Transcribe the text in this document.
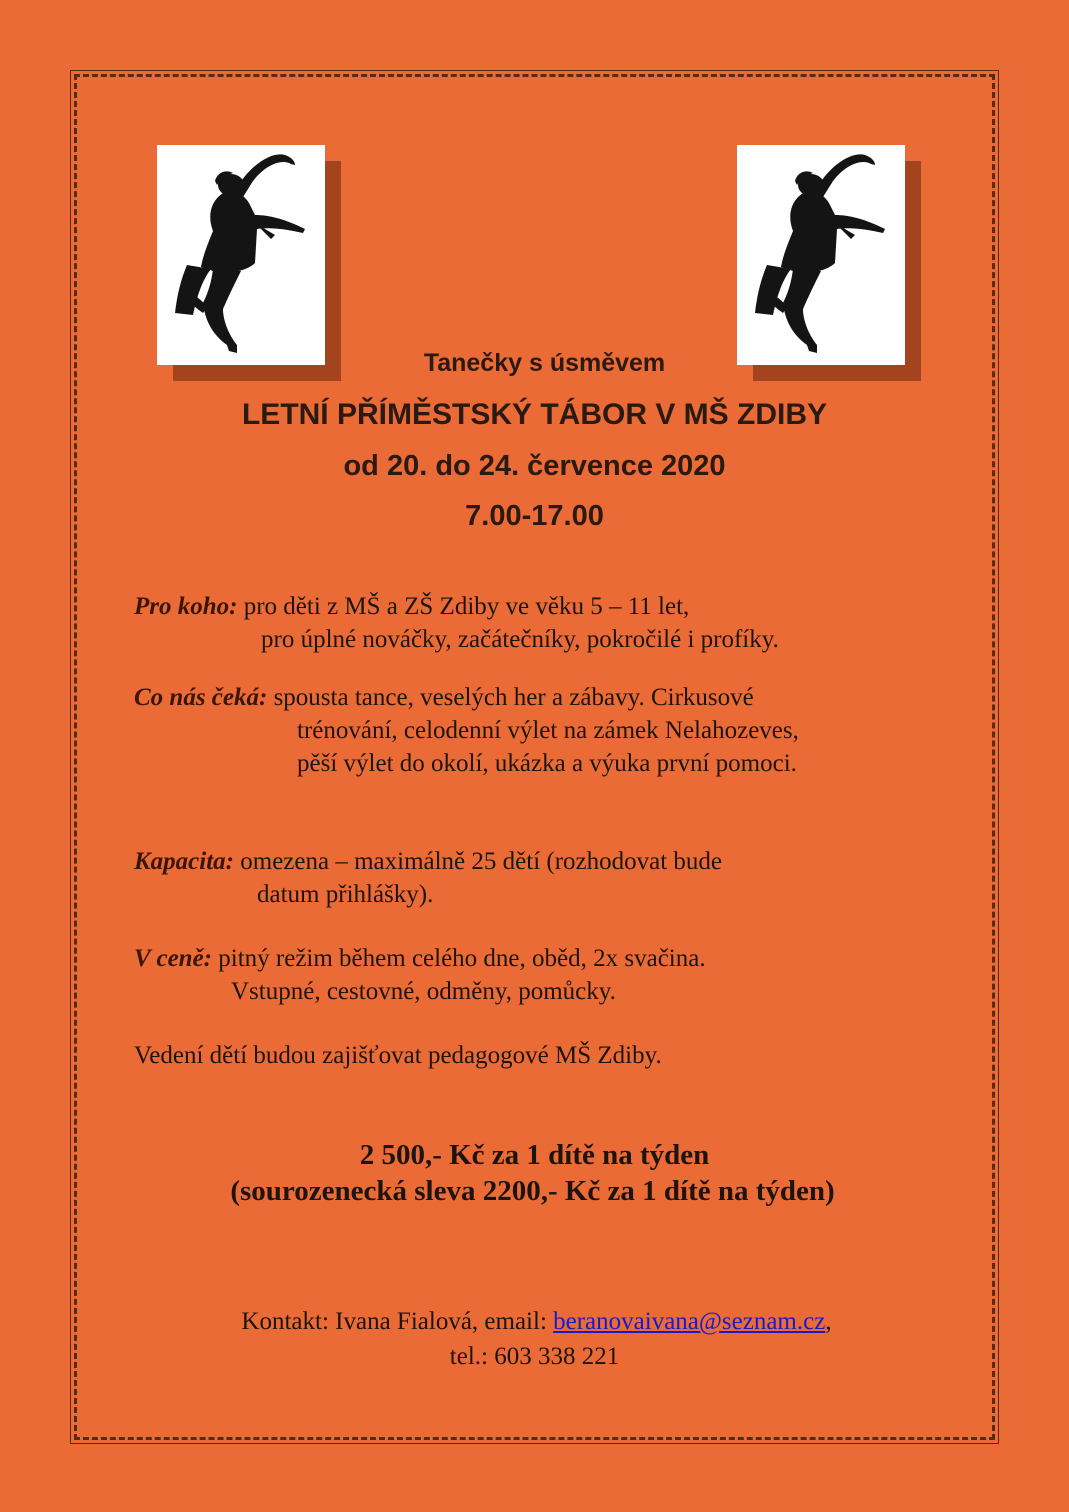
Tanečky s úsměvem
LETNÍ PŘÍMĚSTSKÝ TÁBOR V MŠ ZDIBY
od 20. do 24. července 2020
7.00-17.00

Pro koho: pro děti z MŠ a ZŠ Zdiby ve věku 5 – 11 let,
pro úplné nováčky, začátečníky, pokročilé i profíky.

Co nás čeká: spousta tance, veselých her a zábavy. Cirkusové
trénování, celodenní výlet na zámek Nelahozeves,
pěší výlet do okolí, ukázka a výuka první pomoci.

Kapacita: omezena – maximálně 25 dětí (rozhodovat bude
datum přihlášky).

V ceně: pitný režim během celého dne, oběd, 2x svačina.
Vstupné, cestovné, odměny, pomůcky.

Vedení dětí budou zajišťovat pedagogové MŠ Zdiby.

2 500,- Kč za 1 dítě na týden
(sourozenecká sleva 2200,- Kč za 1 dítě na týden)
Kontakt: Ivana Fialová, email: beranovaivana@seznam.cz,
tel.: 603 338 221
